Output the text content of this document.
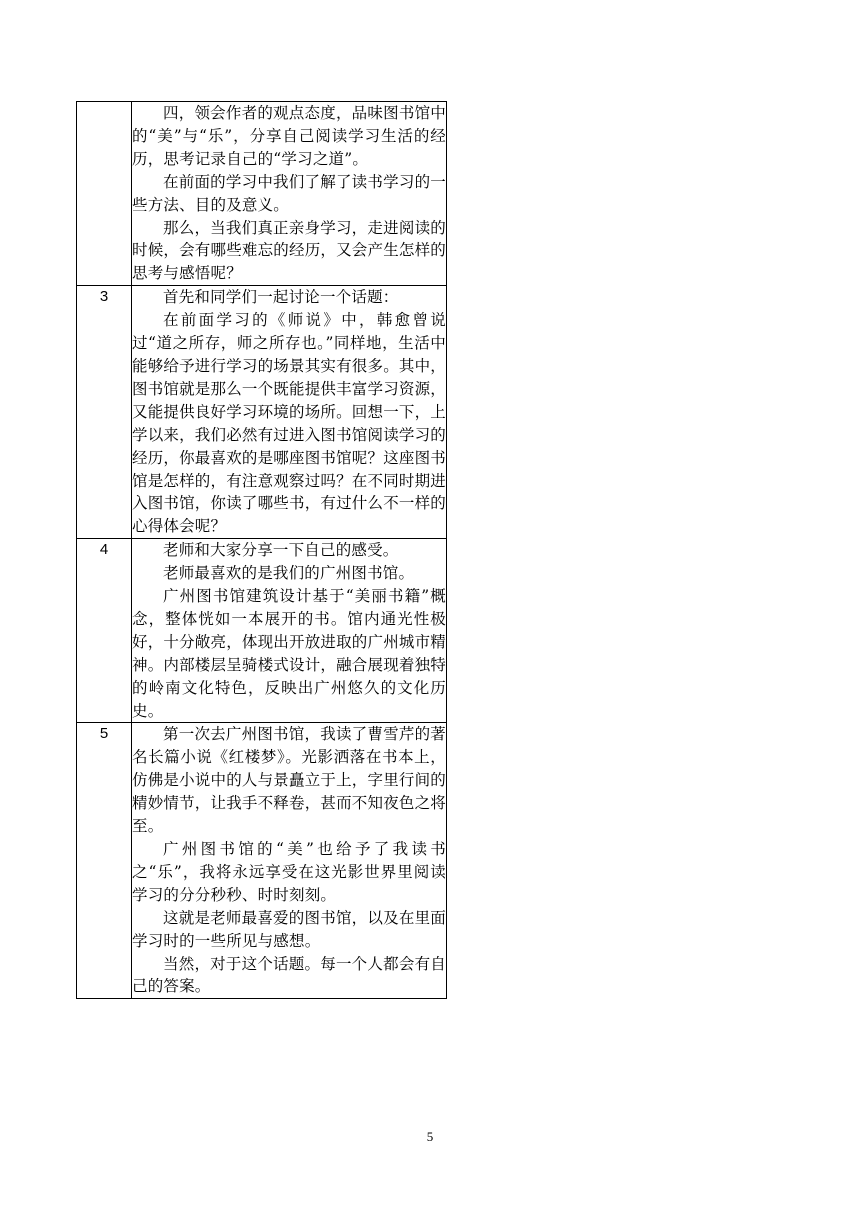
	四，领会作者的观点态度，品味图书馆中的“美”与“乐”，分享自己阅读学习生活的经历，思考记录自己的“学习之道”。

在前面的学习中我们了解了读书学习的一些方法、目的及意义。

那么，当我们真正亲身学习，走进阅读的时候，会有哪些难忘的经历，又会产生怎样的思考与感悟呢？

3	首先和同学们一起讨论一个话题：

在前面学习的《师说》中，韩愈曾说过“道之所存，师之所存也。”同样地，生活中能够给予进行学习的场景其实有很多。其中，图书馆就是那么一个既能提供丰富学习资源，又能提供良好学习环境的场所。回想一下，上学以来，我们必然有过进入图书馆阅读学习的经历，你最喜欢的是哪座图书馆呢？这座图书馆是怎样的，有注意观察过吗？在不同时期进入图书馆，你读了哪些书，有过什么不一样的心得体会呢？

4	老师和大家分享一下自己的感受。

老师最喜欢的是我们的广州图书馆。

广州图书馆建筑设计基于“美丽书籍”概念，整体恍如一本展开的书。馆内通光性极好，十分敞亮，体现出开放进取的广州城市精神。内部楼层呈骑楼式设计，融合展现着独特的岭南文化特色，反映出广州悠久的文化历史。

5	第一次去广州图书馆，我读了曹雪芹的著名长篇小说《红楼梦》。光影洒落在书本上，仿佛是小说中的人与景矗立于上，字里行间的精妙情节，让我手不释卷，甚而不知夜色之将至。

广州图书馆的“美”也给予了我读书之“乐”，我将永远享受在这光影世界里阅读学习的分分秒秒、时时刻刻。

这就是老师最喜爱的图书馆，以及在里面学习时的一些所见与感想。

当然，对于这个话题。每一个人都会有自己的答案。

5
